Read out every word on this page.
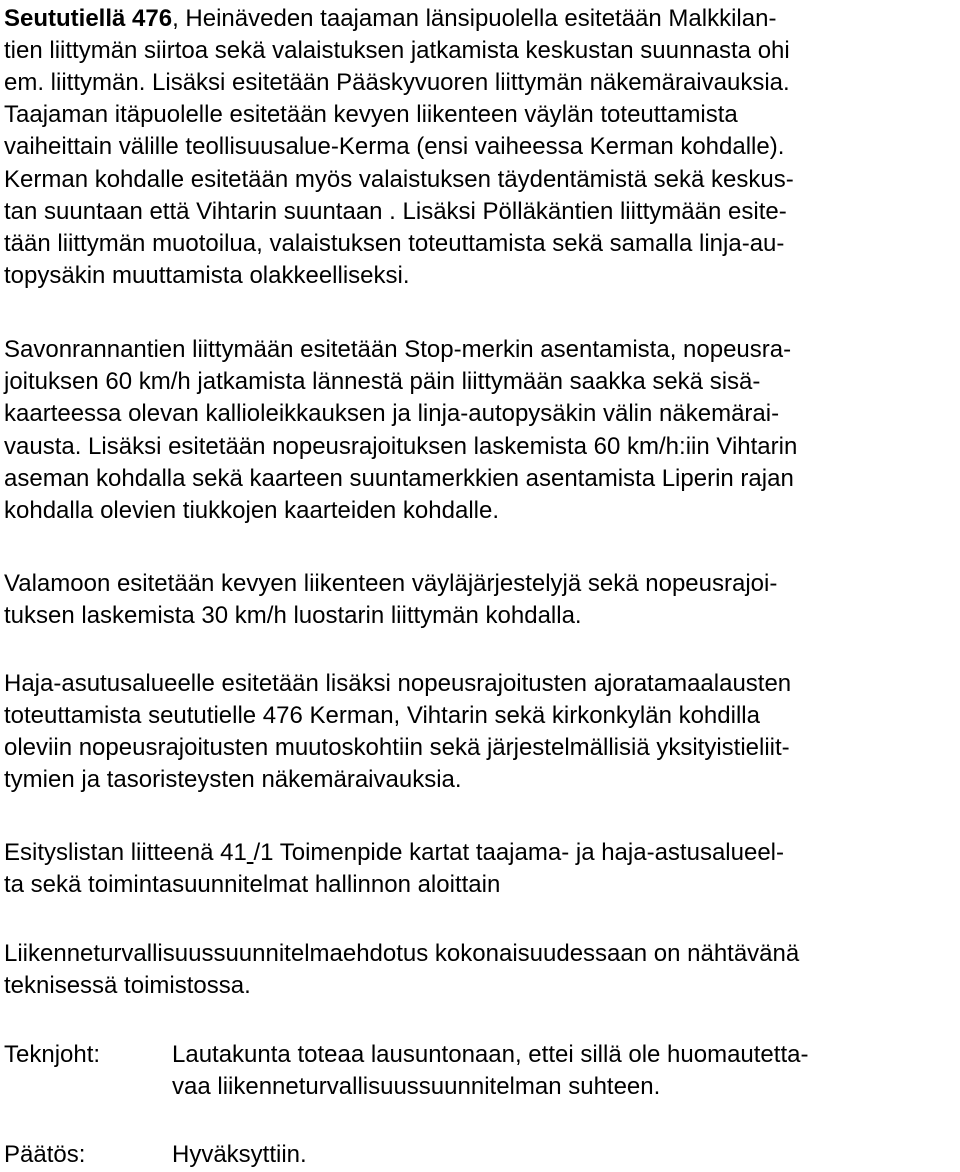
Seututiellä 476, Heinäveden taajaman länsipuolella esitetään Malkkilan-
tien liittymän siirtoa sekä valaistuksen jatkamista keskustan suunnasta ohi
em. liittymän. Lisäksi esitetään Pääskyvuoren liittymän näkemäraivauksia.
Taajaman itäpuolelle esitetään kevyen liikenteen väylän toteuttamista
vaiheittain välille teollisuusalue-Kerma (ensi vaiheessa Kerman kohdalle).
Kerman kohdalle esitetään myös valaistuksen täydentämistä sekä keskus-
tan suuntaan että Vihtarin suuntaan . Lisäksi Pölläkäntien liittymään esite-
tään liittymän muotoilua, valaistuksen toteuttamista sekä samalla linja-au-
topysäkin muuttamista olakkeelliseksi.
Savonrannantien liittymään esitetään Stop-merkin asentamista, nopeusra-
joituksen 60 km/h jatkamista lännestä päin liittymään saakka sekä sisä-
kaarteessa olevan kallioleikkauksen ja linja-autopysäkin välin näkemärai-
vausta. Lisäksi esitetään nopeusrajoituksen laskemista 60 km/h:iin Vihtarin
aseman kohdalla sekä kaarteen suuntamerkkien asentamista Liperin rajan
kohdalla olevien tiukkojen kaarteiden kohdalle.
Valamoon esitetään kevyen liikenteen väyläjärjestelyjä sekä nopeusrajoi-
tuksen laskemista 30 km/h luostarin liittymän kohdalla.
Haja-asutusalueelle esitetään lisäksi nopeusrajoitusten ajoratamaalausten
toteuttamista seututielle 476 Kerman, Vihtarin sekä kirkonkylän kohdilla
oleviin nopeusrajoitusten muutoskohtiin sekä järjestelmällisiä yksityistieliit-
tymien ja tasoristeysten näkemäraivauksia.
Esityslistan liitteenä 41 /1 Toimenpide kartat taajama- ja haja-astusalueel-
ta sekä toimintasuunnitelmat hallinnon aloittain
Liikenneturvallisuussuunnitelmaehdotus kokonaisuudessaan on nähtävänä
teknisessä toimistossa.
Teknjoht:	Lautakunta toteaa lausuntonaan, ettei sillä ole huomautetta-
vaa liikenneturvallisuussuunnitelman suhteen.
Päätös:	Hyväksyttiin.
